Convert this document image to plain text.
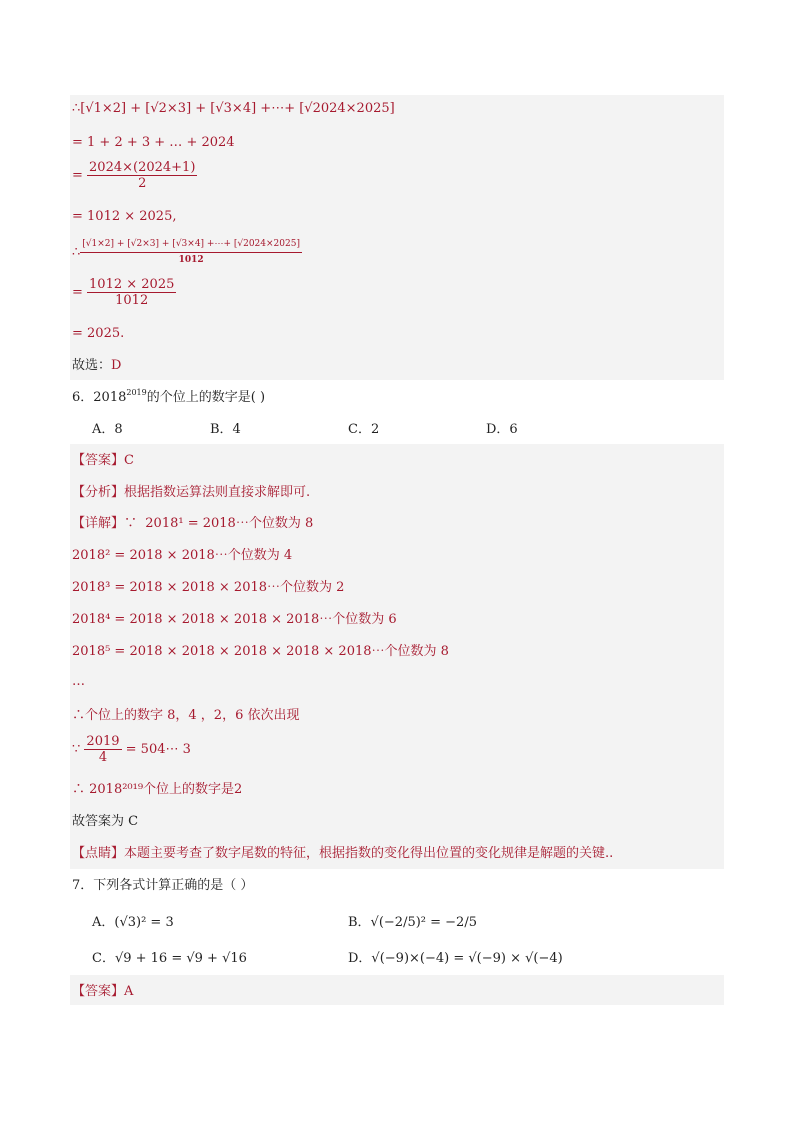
∴[√1×2] + [√2×3] + [√3×4] +⋯+ [√2024×2025]
= 1 + 2 + 3 + … + 2024
= $\frac{2024\times(2024+1)}{2}$
= 1012 × 2025,
∴ $\frac{[√1\times 2] + [√2\times 3] + [√3\times 4] +\cdots+ [√2024\times 2025]}{1012}$
= $\frac{1012 \times 2025}{1012}$
= 2025.
故选：D
6．$2018^{2019}$的个位上的数字是( )
A．8	B．4	C．2	D．6
【答案】C
【分析】根据指数运算法则直接求解即可.
【详解】∵ 2018¹ = 2018⋯个位数为 8
2018² = 2018 × 2018⋯个位数为 4
2018³ = 2018 × 2018 × 2018⋯个位数为 2
2018⁴ = 2018 × 2018 × 2018 × 2018⋯个位数为 6
2018⁵ = 2018 × 2018 × 2018 × 2018 × 2018⋯个位数为 8
…
∴个位上的数字 8，4 ，2，6 依次出现
∵ $\frac{2019}{4}$ = 504⋯ 3
∴ 2018²⁰¹⁹个位上的数字是2
故答案为 C
【点睛】本题主要考查了数字尾数的特征，根据指数的变化得出位置的变化规律是解题的关键..
7．下列各式计算正确的是（ ）
A．(√3)² = 3	B．√(−2/5)² = −2/5
C．√9 + 16 = √9 + √16	D．√(−9)×(−4) = √(−9) × √(−4)
【答案】A
